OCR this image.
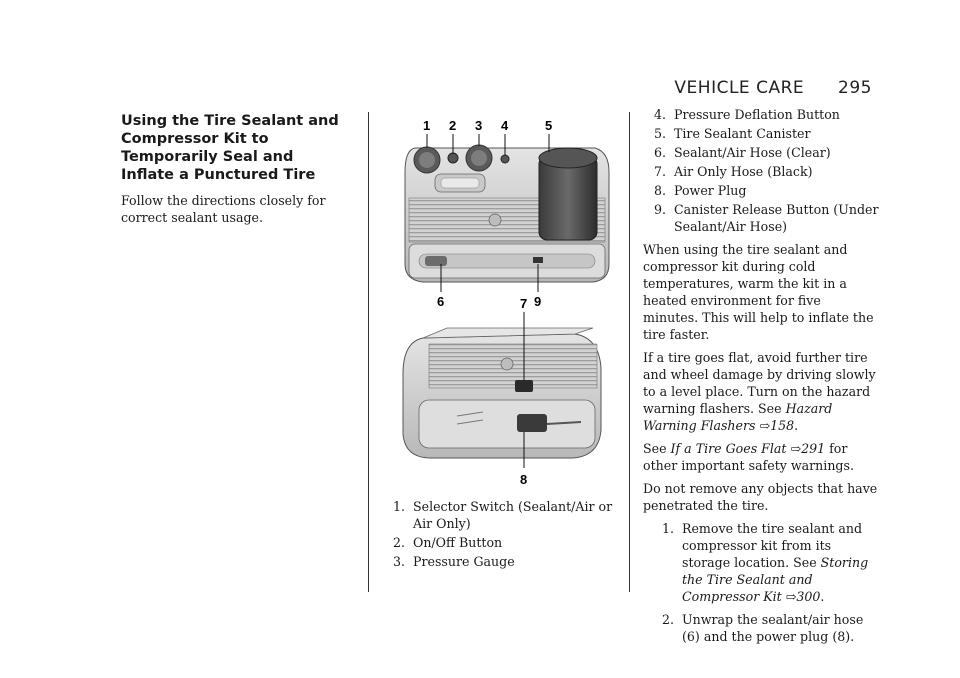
VEHICLE CARE 295
Using the Tire Sealant and Compressor Kit to Temporarily Seal and Inflate a Punctured Tire

Follow the directions closely for correct sealant usage.

1 2 3 4	5
6	9
7
8
1. Selector Switch (Sealant/Air or Air Only)
2. On/Off Button
3. Pressure Gauge
4. Pressure Deflation Button
5. Tire Sealant Canister
6. Sealant/Air Hose (Clear)
7. Air Only Hose (Black)
8. Power Plug
9. Canister Release Button (Under Sealant/Air Hose)

When using the tire sealant and compressor kit during cold temperatures, warm the kit in a heated environment for five minutes. This will help to inflate the tire faster.

If a tire goes flat, avoid further tire and wheel damage by driving slowly to a level place. Turn on the hazard warning flashers. See Hazard Warning Flashers ⇨158.

See If a Tire Goes Flat ⇨291 for other important safety warnings.

Do not remove any objects that have penetrated the tire.

1. Remove the tire sealant and compressor kit from its storage location. See Storing the Tire Sealant and Compressor Kit ⇨300.
2. Unwrap the sealant/air hose (6) and the power plug (8).
